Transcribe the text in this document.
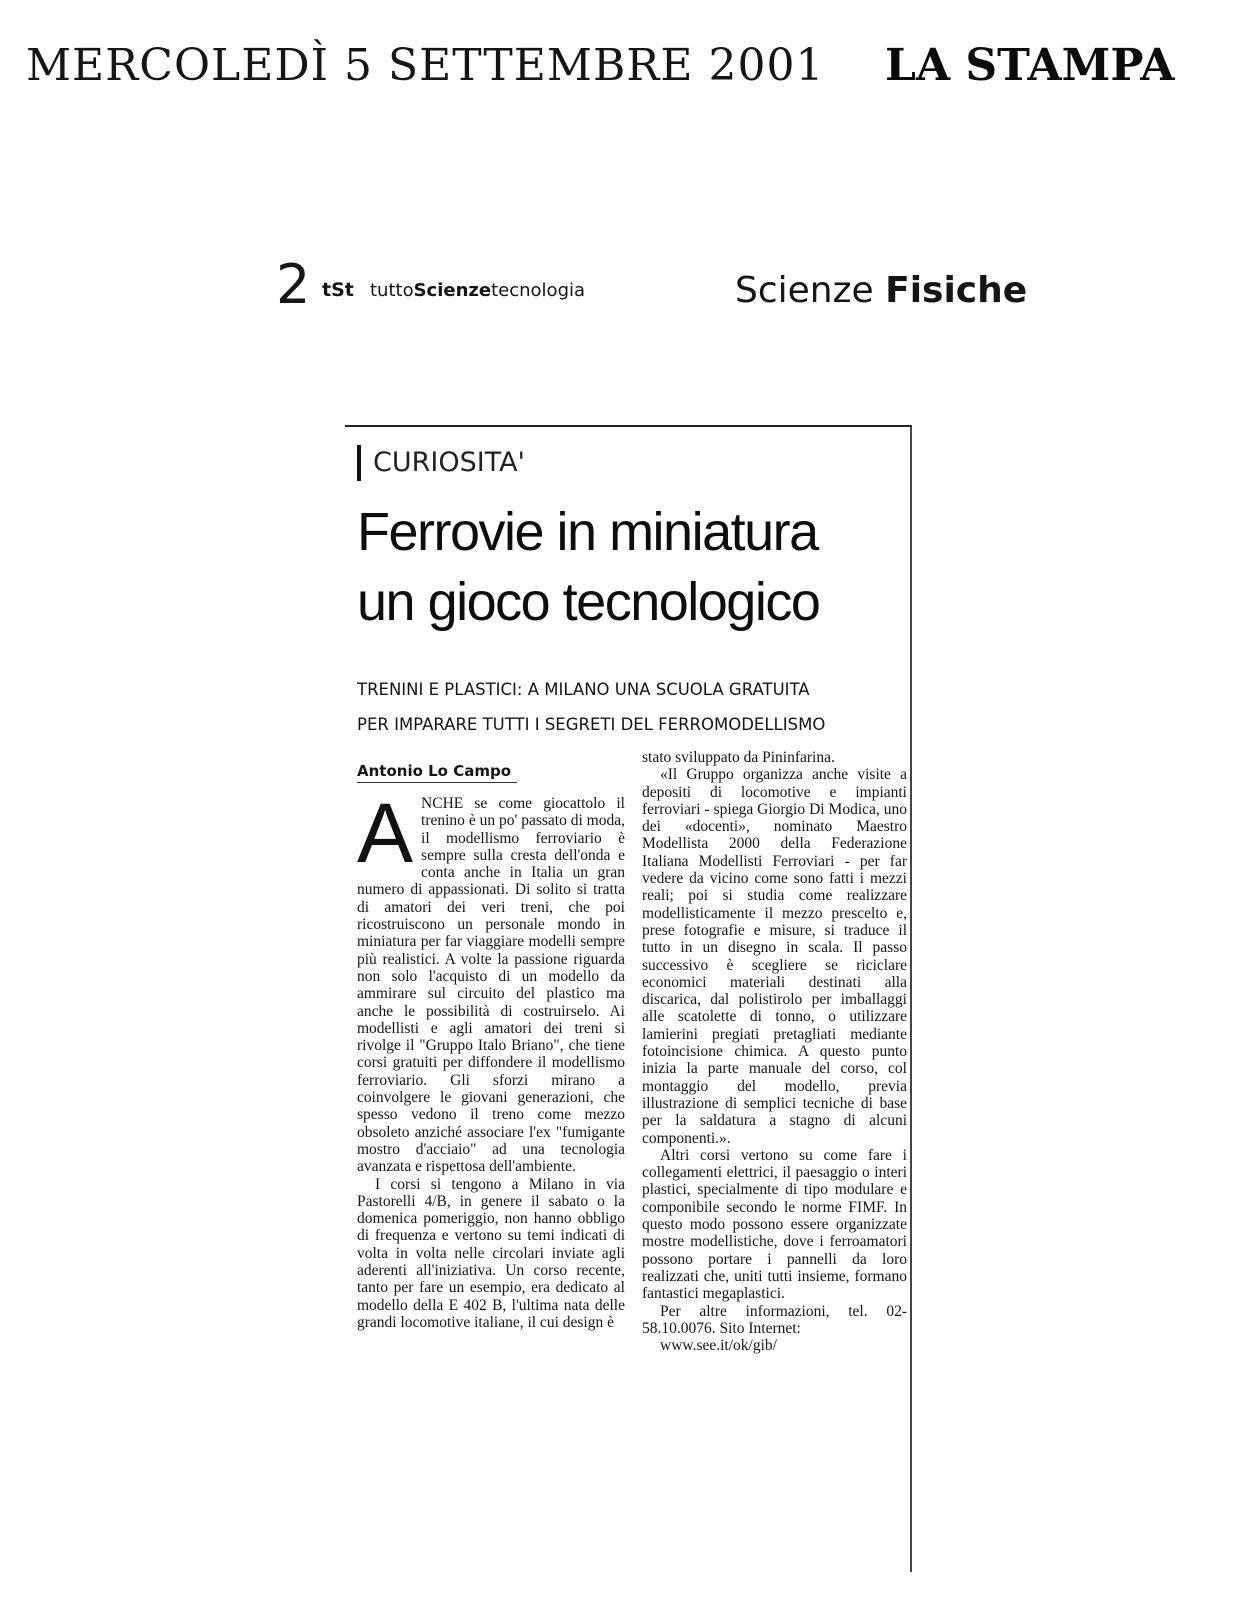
MERCOLEDÌ 5 SETTEMBRE 2001 LA STAMPA
2 tSt tuttoScienzetecnologia	Scienze Fisiche
CURIOSITA'
Ferrovie in miniatura
un gioco tecnologico
TRENINI E PLASTICI: A MILANO UNA SCUOLA GRATUITA
PER IMPARARE TUTTI I SEGRETI DEL FERROMODELLISMO
Antonio Lo Campo

ANCHE se come giocattolo il trenino è un po' passato di moda, il modellismo ferroviario è sempre sulla cresta dell'onda e conta anche in Italia un gran numero di appassionati. Di solito si tratta di amatori dei veri treni, che poi ricostruiscono un personale mondo in miniatura per far viaggiare modelli sempre più realistici. A volte la passione riguarda non solo l'acquisto di un modello da ammirare sul circuito del plastico ma anche le possibilità di costruirselo. Ai modellisti e agli amatori dei treni si rivolge il "Gruppo Italo Briano", che tiene corsi gratuiti per diffondere il modellismo ferroviario. Gli sforzi mirano a coinvolgere le giovani generazioni, che spesso vedono il treno come mezzo obsoleto anziché associare l'ex "fumigante mostro d'acciaio" ad una tecnologia avanzata e rispettosa dell'ambiente.

I corsi si tengono a Milano in via Pastorelli 4/B, in genere il sabato o la domenica pomeriggio, non hanno obbligo di frequenza e vertono su temi indicati di volta in volta nelle circolari inviate agli aderenti all'iniziativa. Un corso recente, tanto per fare un esempio, era dedicato al modello della E 402 B, l'ultima nata delle grandi locomotive italiane, il cui design è

stato sviluppato da Pininfarina.

«Il Gruppo organizza anche visite a depositi di locomotive e impianti ferroviari - spiega Giorgio Di Modica, uno dei «docenti», nominato Maestro Modellista 2000 della Federazione Italiana Modellisti Ferroviari - per far vedere da vicino come sono fatti i mezzi reali; poi si studia come realizzare modellisticamente il mezzo prescelto e, prese fotografie e misure, si traduce il tutto in un disegno in scala. Il passo successivo è scegliere se riciclare economici materiali destinati alla discarica, dal polistirolo per imballaggi alle scatolette di tonno, o utilizzare lamierini pregiati pretagliati mediante fotoincisione chimica. A questo punto inizia la parte manuale del corso, col montaggio del modello, previa illustrazione di semplici tecniche di base per la saldatura a stagno di alcuni componenti.».

Altri corsi vertono su come fare i collegamenti elettrici, il paesaggio o interi plastici, specialmente di tipo modulare e componibile secondo le norme FIMF. In questo modo possono essere organizzate mostre modellistiche, dove i ferroamatori possono portare i pannelli da loro realizzati che, uniti tutti insieme, formano fantastici megaplastici.

Per altre informazioni, tel. 02-58.10.0076. Sito Internet:

www.see.it/ok/gib/
